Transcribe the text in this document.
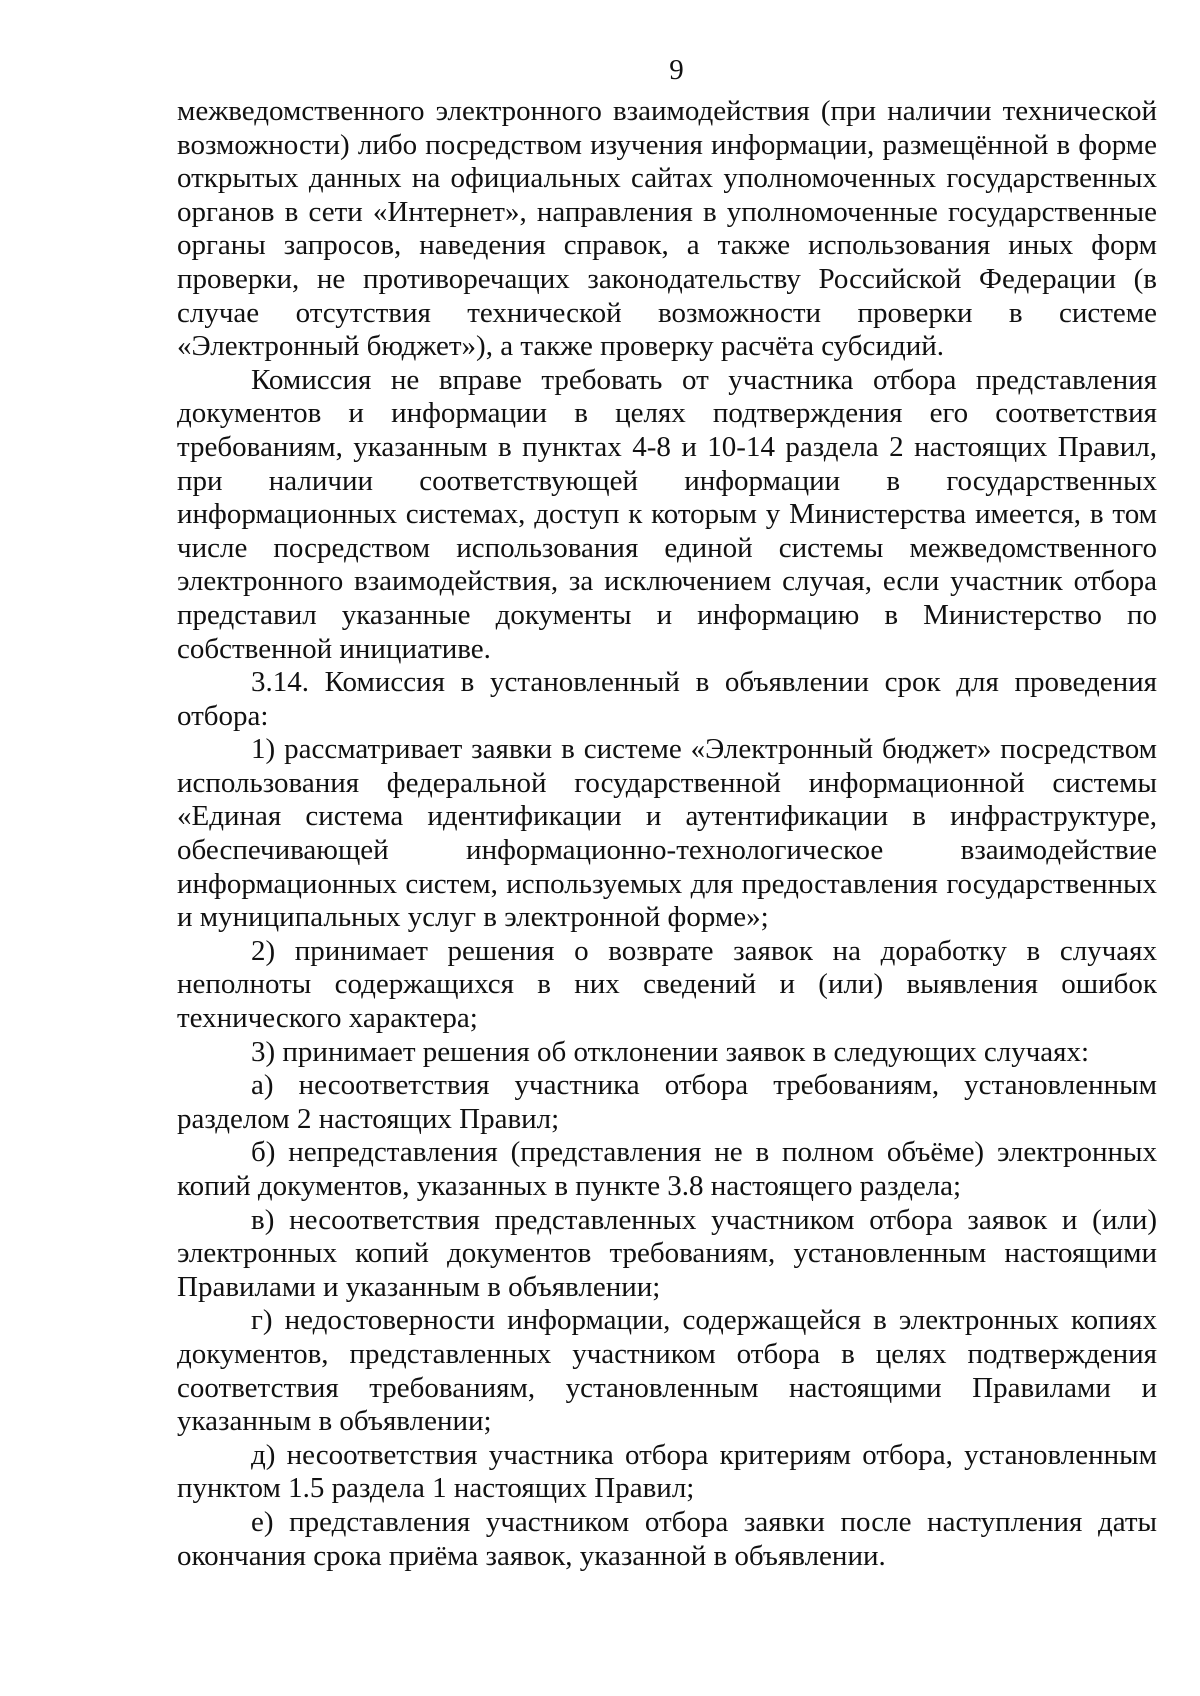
9

межведомственного электронного взаимодействия (при наличии технической возможности) либо посредством изучения информации, размещённой в форме открытых данных на официальных сайтах уполномоченных государственных органов в сети «Интернет», направления в уполномоченные государственные органы запросов, наведения справок, а также использования иных форм проверки, не противоречащих законодательству Российской Федерации (в случае отсутствия технической возможности проверки в системе «Электронный бюджет»), а также проверку расчёта субсидий.

Комиссия не вправе требовать от участника отбора представления документов и информации в целях подтверждения его соответствия требованиям, указанным в пунктах 4-8 и 10-14 раздела 2 настоящих Правил, при наличии соответствующей информации в государственных информационных системах, доступ к которым у Министерства имеется, в том числе посредством использования единой системы межведомственного электронного взаимодействия, за исключением случая, если участник отбора представил указанные документы и информацию в Министерство по собственной инициативе.

3.14. Комиссия в установленный в объявлении срок для проведения отбора:

1) рассматривает заявки в системе «Электронный бюджет» посредством использования федеральной государственной информационной системы «Единая система идентификации и аутентификации в инфраструктуре, обеспечивающей информационно-технологическое взаимодействие информационных систем, используемых для предоставления государственных и муниципальных услуг в электронной форме»;

2) принимает решения о возврате заявок на доработку в случаях неполноты содержащихся в них сведений и (или) выявления ошибок технического характера;

3) принимает решения об отклонении заявок в следующих случаях:

а) несоответствия участника отбора требованиям, установленным разделом 2 настоящих Правил;

б) непредставления (представления не в полном объёме) электронных копий документов, указанных в пункте 3.8 настоящего раздела;

в) несоответствия представленных участником отбора заявок и (или) электронных копий документов требованиям, установленным настоящими Правилами и указанным в объявлении;

г) недостоверности информации, содержащейся в электронных копиях документов, представленных участником отбора в целях подтверждения соответствия требованиям, установленным настоящими Правилами и указанным в объявлении;

д) несоответствия участника отбора критериям отбора, установленным пунктом 1.5 раздела 1 настоящих Правил;

е) представления участником отбора заявки после наступления даты окончания срока приёма заявок, указанной в объявлении.
